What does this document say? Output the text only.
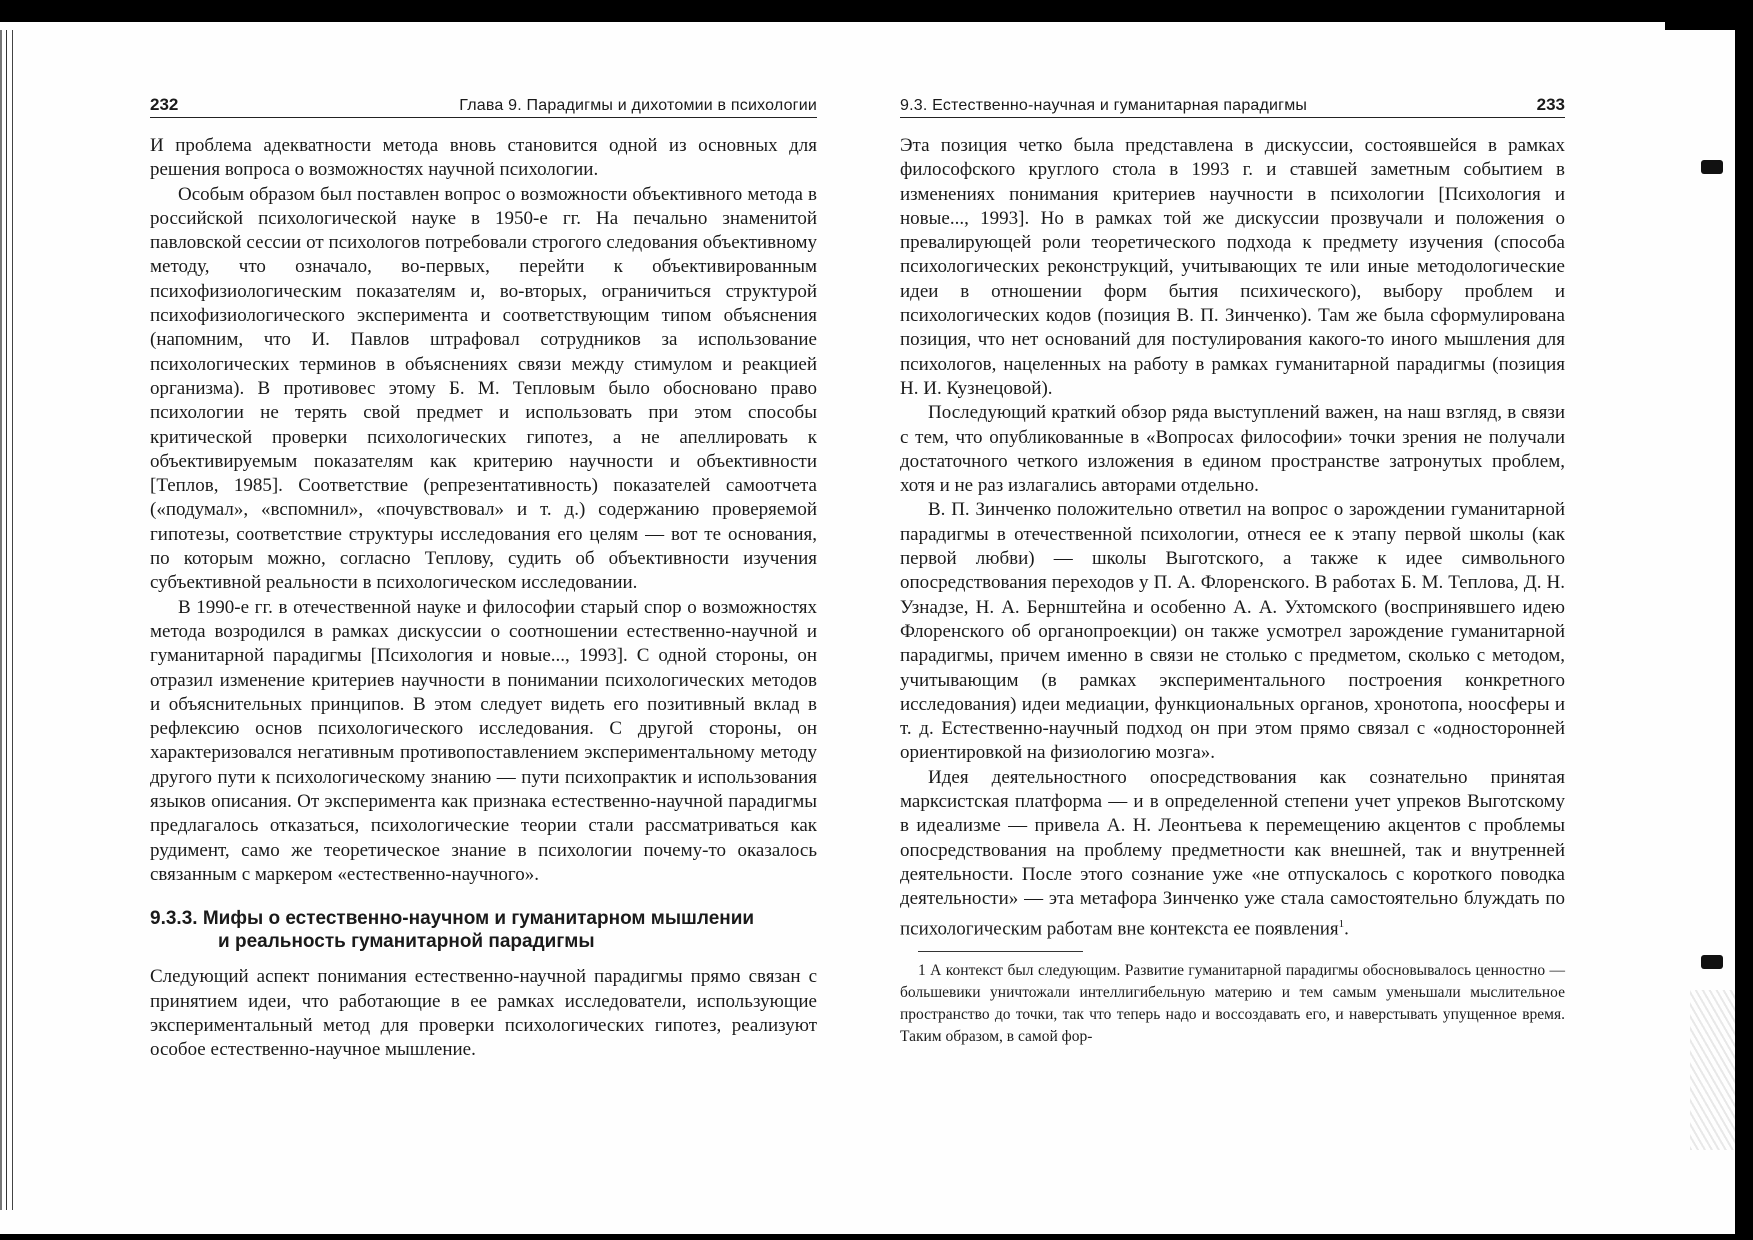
232	Глава 9. Парадигмы и дихотомии в психологии

И проблема адекватности метода вновь становится одной из основных для решения вопроса о возможностях научной психологии.

Особым образом был поставлен вопрос о возможности объективного метода в российской психологической науке в 1950-е гг. На печально знаменитой павловской сессии от психологов потребовали строгого следования объективному методу, что означало, во-первых, перейти к объективированным психофизиологическим показателям и, во-вторых, ограничиться структурой психофизиологического эксперимента и соответствующим типом объяснения (напомним, что И. Павлов штрафовал сотрудников за использование психологических терминов в объяснениях связи между стимулом и реакцией организма). В противовес этому Б. М. Тепловым было обосновано право психологии не терять свой предмет и использовать при этом способы критической проверки психологических гипотез, а не апеллировать к объективируемым показателям как критерию научности и объективности [Теплов, 1985]. Соответствие (репрезентативность) показателей самоотчета («подумал», «вспомнил», «почувствовал» и т. д.) содержанию проверяемой гипотезы, соответствие структуры исследования его целям — вот те основания, по которым можно, согласно Теплову, судить об объективности изучения субъективной реальности в психологическом исследовании.

В 1990-е гг. в отечественной науке и философии старый спор о возможностях метода возродился в рамках дискуссии о соотношении естественно-научной и гуманитарной парадигмы [Психология и новые..., 1993]. С одной стороны, он отразил изменение критериев научности в понимании психологических методов и объяснительных принципов. В этом следует видеть его позитивный вклад в рефлексию основ психологического исследования. С другой стороны, он характеризовался негативным противопоставлением экспериментальному методу другого пути к психологическому знанию — пути психопрактик и использования языков описания. От эксперимента как признака естественно-научной парадигмы предлагалось отказаться, психологические теории стали рассматриваться как рудимент, само же теоретическое знание в психологии почему-то оказалось связанным с маркером «естественно-научного».

9.3.3. Мифы о естественно-научном и гуманитарном мышлении
и реальность гуманитарной парадигмы

Следующий аспект понимания естественно-научной парадигмы прямо связан с принятием идеи, что работающие в ее рамках исследователи, использующие экспериментальный метод для проверки психологических гипотез, реализуют особое естественно-научное мышление.

9.3. Естественно-научная и гуманитарная парадигмы	233

Эта позиция четко была представлена в дискуссии, состоявшейся в рамках философского круглого стола в 1993 г. и ставшей заметным событием в изменениях понимания критериев научности в психологии [Психология и новые..., 1993]. Но в рамках той же дискуссии прозвучали и положения о превалирующей роли теоретического подхода к предмету изучения (способа психологических реконструкций, учитывающих те или иные методологические идеи в отношении форм бытия психического), выбору проблем и психологических кодов (позиция В. П. Зинченко). Там же была сформулирована позиция, что нет оснований для постулирования какого-то иного мышления для психологов, нацеленных на работу в рамках гуманитарной парадигмы (позиция Н. И. Кузнецовой).

Последующий краткий обзор ряда выступлений важен, на наш взгляд, в связи с тем, что опубликованные в «Вопросах философии» точки зрения не получали достаточного четкого изложения в едином пространстве затронутых проблем, хотя и не раз излагались авторами отдельно.

В. П. Зинченко положительно ответил на вопрос о зарождении гуманитарной парадигмы в отечественной психологии, отнеся ее к этапу первой школы (как первой любви) — школы Выготского, а также к идее символьного опосредствования переходов у П. А. Флоренского. В работах Б. М. Теплова, Д. Н. Узнадзе, Н. А. Бернштейна и особенно А. А. Ухтомского (воспринявшего идею Флоренского об органопроекции) он также усмотрел зарождение гуманитарной парадигмы, причем именно в связи не столько с предметом, сколько с методом, учитывающим (в рамках экспериментального построения конкретного исследования) идеи медиации, функциональных органов, хронотопа, ноосферы и т. д. Естественно-научный подход он при этом прямо связал с «односторонней ориентировкой на физиологию мозга».

Идея деятельностного опосредствования как сознательно принятая марксистская платформа — и в определенной степени учет упреков Выготскому в идеализме — привела А. Н. Леонтьева к перемещению акцентов с проблемы опосредствования на проблему предметности как внешней, так и внутренней деятельности. После этого сознание уже «не отпускалось с короткого поводка деятельности» — эта метафора Зинченко уже стала самостоятельно блуждать по психологическим работам вне контекста ее появления$^1$.

1 А контекст был следующим. Развитие гуманитарной парадигмы обосновывалось ценностно — большевики уничтожали интеллигибельную материю и тем самым уменьшали мыслительное пространство до точки, так что теперь надо и воссоздавать его, и наверстывать упущенное время. Таким образом, в самой фор-
